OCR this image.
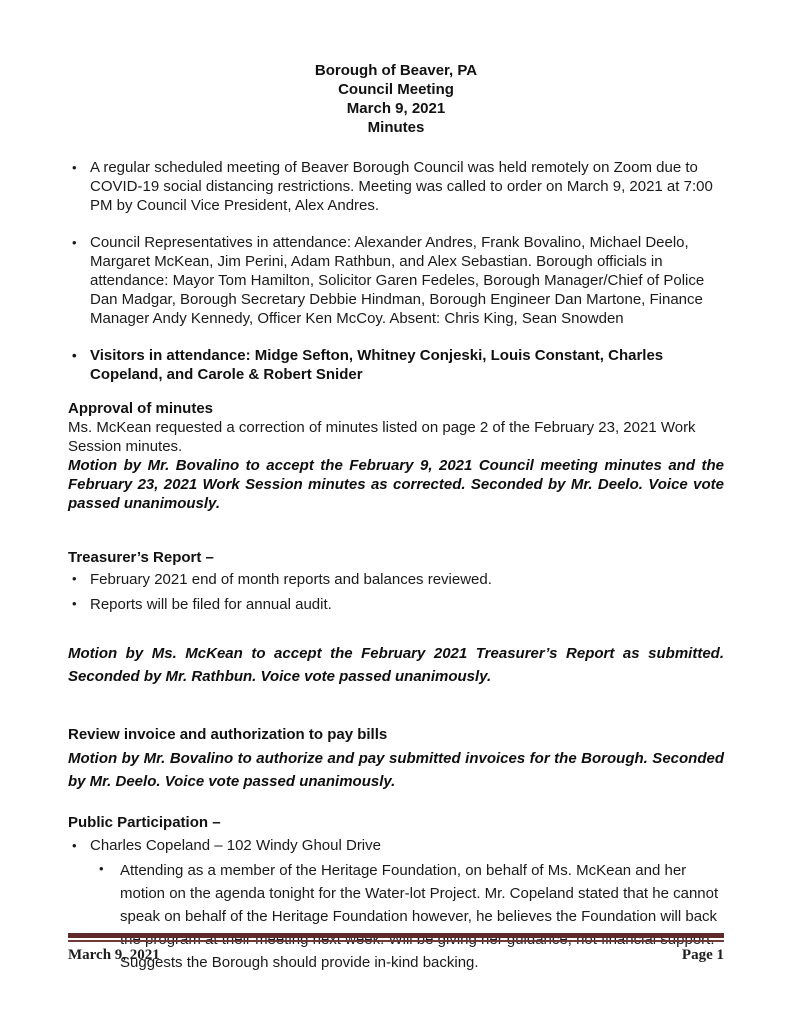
Borough of Beaver, PA
Council Meeting
March 9, 2021
Minutes
• A regular scheduled meeting of Beaver Borough Council was held remotely on Zoom due to COVID-19 social distancing restrictions. Meeting was called to order on March 9, 2021 at 7:00 PM by Council Vice President, Alex Andres.
• Council Representatives in attendance: Alexander Andres, Frank Bovalino, Michael Deelo, Margaret McKean, Jim Perini, Adam Rathbun, and Alex Sebastian. Borough officials in attendance: Mayor Tom Hamilton, Solicitor Garen Fedeles, Borough Manager/Chief of Police Dan Madgar, Borough Secretary Debbie Hindman, Borough Engineer Dan Martone, Finance Manager Andy Kennedy, Officer Ken McCoy. Absent: Chris King, Sean Snowden
• Visitors in attendance: Midge Sefton, Whitney Conjeski, Louis Constant, Charles Copeland, and Carole & Robert Snider
Approval of minutes

Ms. McKean requested a correction of minutes listed on page 2 of the February 23, 2021 Work Session minutes.

Motion by Mr. Bovalino to accept the February 9, 2021 Council meeting minutes and the February 23, 2021 Work Session minutes as corrected. Seconded by Mr. Deelo. Voice vote passed unanimously.

Treasurer’s Report –
• February 2021 end of month reports and balances reviewed.
• Reports will be filed for annual audit.

Motion by Ms. McKean to accept the February 2021 Treasurer’s Report as submitted. Seconded by Mr. Rathbun. Voice vote passed unanimously.

Review invoice and authorization to pay bills

Motion by Mr. Bovalino to authorize and pay submitted invoices for the Borough. Seconded by Mr. Deelo. Voice vote passed unanimously.

Public Participation –
• Charles Copeland – 102 Windy Ghoul Drive
•	Attending as a member of the Heritage Foundation, on behalf of Ms. McKean and her motion on the agenda tonight for the Water-lot Project. Mr. Copeland stated that he cannot speak on behalf of the Heritage Foundation however, he believes the Foundation will back the program at their meeting next week. Will be giving her guidance, not financial support. Suggests the Borough should provide in-kind backing.
March 9, 2021	Page 1
